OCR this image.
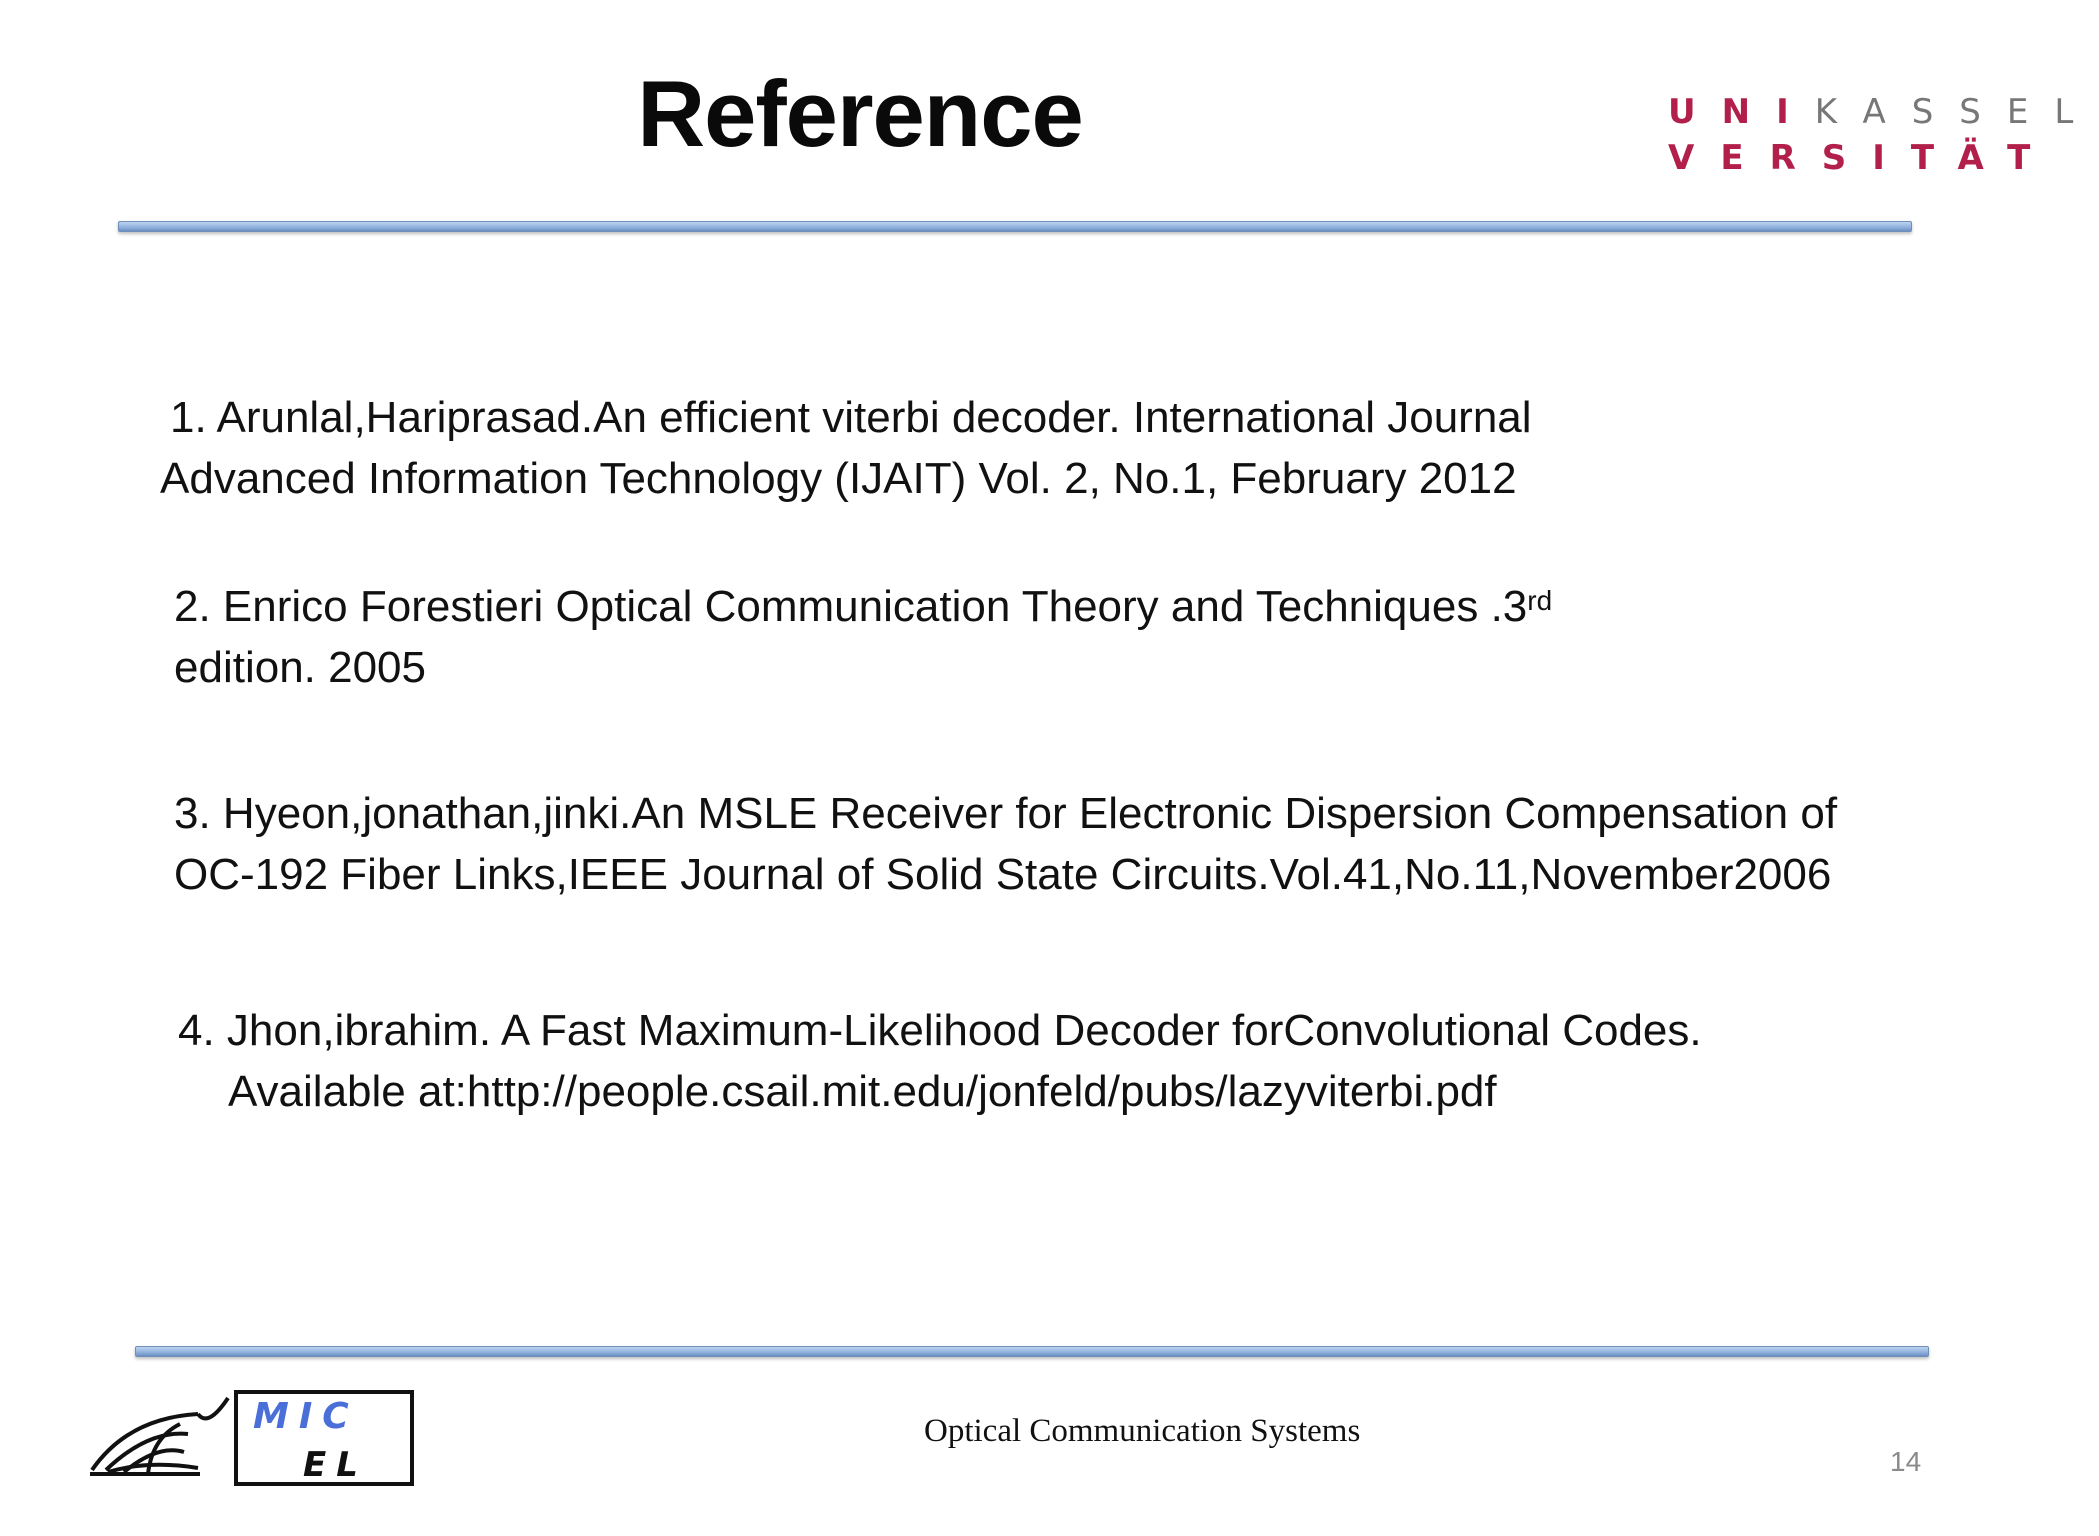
Reference	UNIKASSEL
VERSITÄT
1. Arunlal,Hariprasad.An efficient viterbi decoder. International Journal
Advanced Information Technology (IJAIT) Vol. 2, No.1, February 2012
2. Enrico Forestieri Optical Communication Theory and Techniques .3rd
edition. 2005
3. Hyeon,jonathan,jinki.An MSLE Receiver for Electronic Dispersion Compensation of
OC-192 Fiber Links,IEEE Journal of Solid State Circuits.Vol.41,No.11,November2006
4. Jhon,ibrahim. A Fast Maximum-Likelihood Decoder forConvolutional Codes.
Available at:http://people.csail.mit.edu/jonfeld/pubs/lazyviterbi.pdf
MIC
EL
Optical Communication Systems
14
